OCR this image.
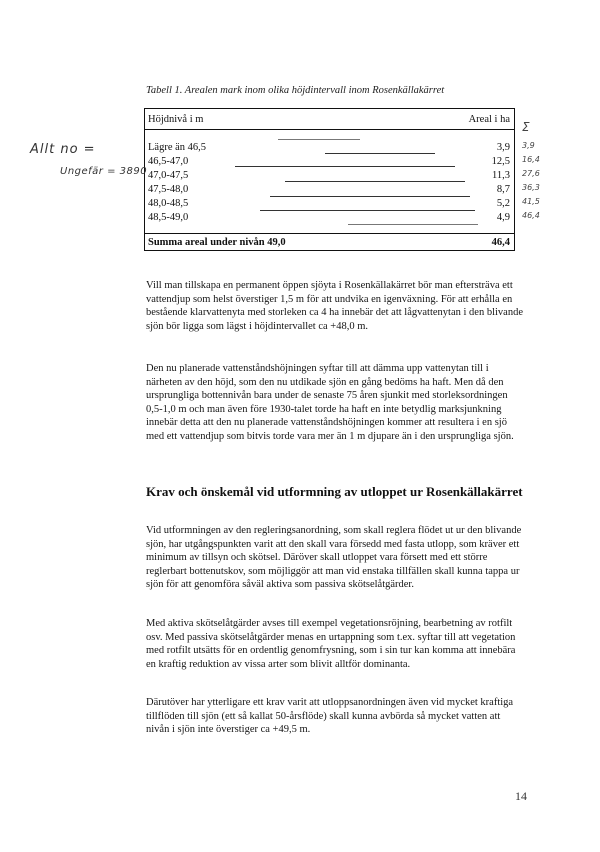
Tabell 1. Arealen mark inom olika höjdintervall inom Rosenkällakärret
Höjdnivå i m	Areal i ha
Lägre än 46,5	3,9
46,5-47,0	12,5
47,0-47,5	11,3
47,5-48,0	8,7
48,0-48,5	5,2
48,5-49,0	4,9
Summa areal under nivån 49,0	46,4
Allt no =
Ungefär = 3890
Σ
3,9
16,4
27,6
36,3
41,5
46,4

Vill man tillskapa en permanent öppen sjöyta i Rosenkällakärret bör man eftersträva ett vattendjup som helst överstiger 1,5 m för att undvika en igenväxning. För att erhålla en bestående klarvattenyta med storleken ca 4 ha innebär det att lågvattenytan i den blivande sjön bör ligga som lägst i höjdintervallet ca +48,0 m.

Den nu planerade vattenståndshöjningen syftar till att dämma upp vattenytan till i närheten av den höjd, som den nu utdikade sjön en gång bedöms ha haft. Men då den ursprungliga bottennivån bara under de senaste 75 åren sjunkit med storleksordningen 0,5-1,0 m och man även före 1930-talet torde ha haft en inte betydlig marksjunkning innebär detta att den nu planerade vattenståndshöjningen kommer att resultera i en sjö med ett vattendjup som bitvis torde vara mer än 1 m djupare än i den ursprungliga sjön.

Krav och önskemål vid utformning av utloppet ur Rosenkällakärret

Vid utformningen av den regleringsanordning, som skall reglera flödet ut ur den blivande sjön, har utgångspunkten varit att den skall vara försedd med fasta utlopp, som kräver ett minimum av tillsyn och skötsel. Däröver skall utloppet vara försett med ett större reglerbart bottenutskov, som möjliggör att man vid enstaka tillfällen skall kunna tappa ur sjön för att genomföra såväl aktiva som passiva skötselåtgärder.

Med aktiva skötselåtgärder avses till exempel vegetationsröjning, bearbetning av rotfilt osv. Med passiva skötselåtgärder menas en urtappning som t.ex. syftar till att vegetation med rotfilt utsätts för en ordentlig genomfrysning, som i sin tur kan komma att innebära en kraftig reduktion av vissa arter som blivit alltför dominanta.

Därutöver har ytterligare ett krav varit att utloppsanordningen även vid mycket kraftiga tillflöden till sjön (ett så kallat 50-årsflöde) skall kunna avbörda så mycket vatten att nivån i sjön inte överstiger ca +49,5 m.

14
